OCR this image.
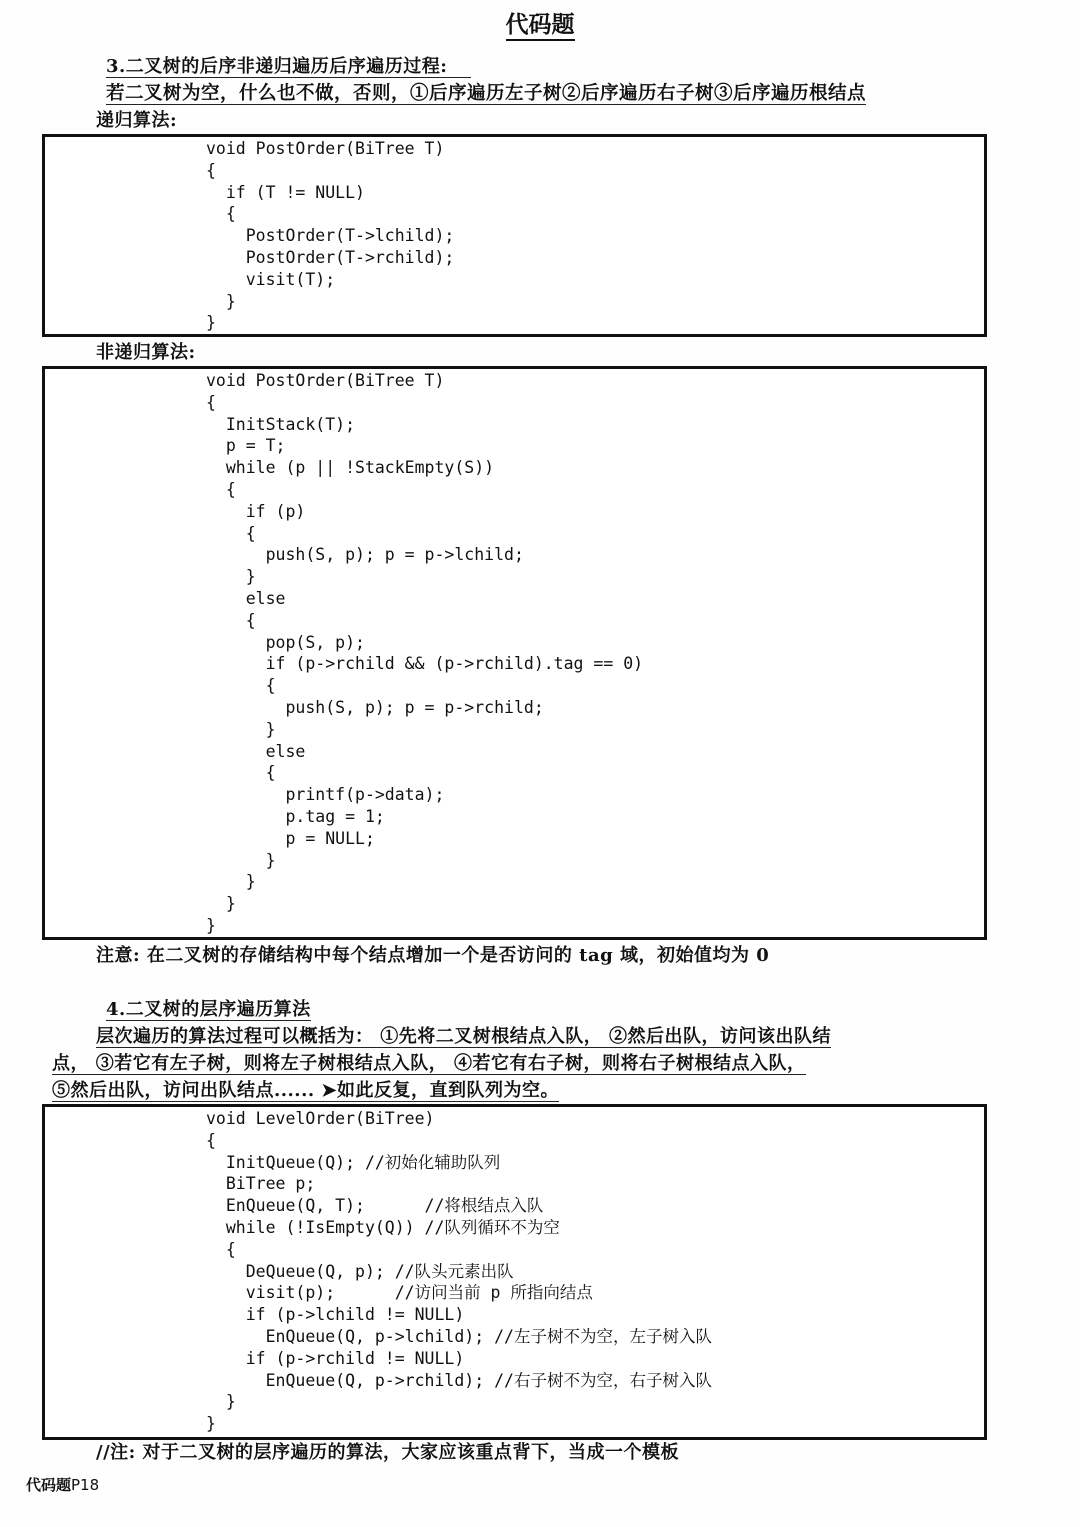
代码题
3.二叉树的后序非递归遍历后序遍历过程:
若二叉树为空，什么也不做，否则，①后序遍历左子树②后序遍历右子树③后序遍历根结点
递归算法:
void PostOrder(BiTree T)
{
if (T != NULL)
{
PostOrder(T->lchild);
PostOrder(T->rchild);
visit(T);
}
}
非递归算法:
void PostOrder(BiTree T)
{
InitStack(T);
p = T;
while (p || !StackEmpty(S))
{
if (p)
{
push(S, p); p = p->lchild;
}
else
{
pop(S, p);
if (p->rchild && (p->rchild).tag == 0)
{
push(S, p); p = p->rchild;
}
else
{
printf(p->data);
p.tag = 1;
p = NULL;
}
}
}
}
注意: 在二叉树的存储结构中每个结点增加一个是否访问的 tag 域，初始值均为 0
4.二叉树的层序遍历算法
层次遍历的算法过程可以概括为： ①先将二叉树根结点入队， ②然后出队，访问该出队结
点， ③若它有左子树，则将左子树根结点入队， ④若它有右子树，则将右子树根结点入队，
⑤然后出队，访问出队结点...... ➤如此反复，直到队列为空。
void LevelOrder(BiTree)
{
InitQueue(Q); //初始化辅助队列
BiTree p;
EnQueue(Q, T);      //将根结点入队
while (!IsEmpty(Q)) //队列循环不为空
{
DeQueue(Q, p); //队头元素出队
visit(p);      //访问当前 p 所指向结点
if (p->lchild != NULL)
EnQueue(Q, p->lchild); //左子树不为空，左子树入队
if (p->rchild != NULL)
EnQueue(Q, p->rchild); //右子树不为空，右子树入队
}
}
//注: 对于二叉树的层序遍历的算法，大家应该重点背下，当成一个模板
代码题P18
